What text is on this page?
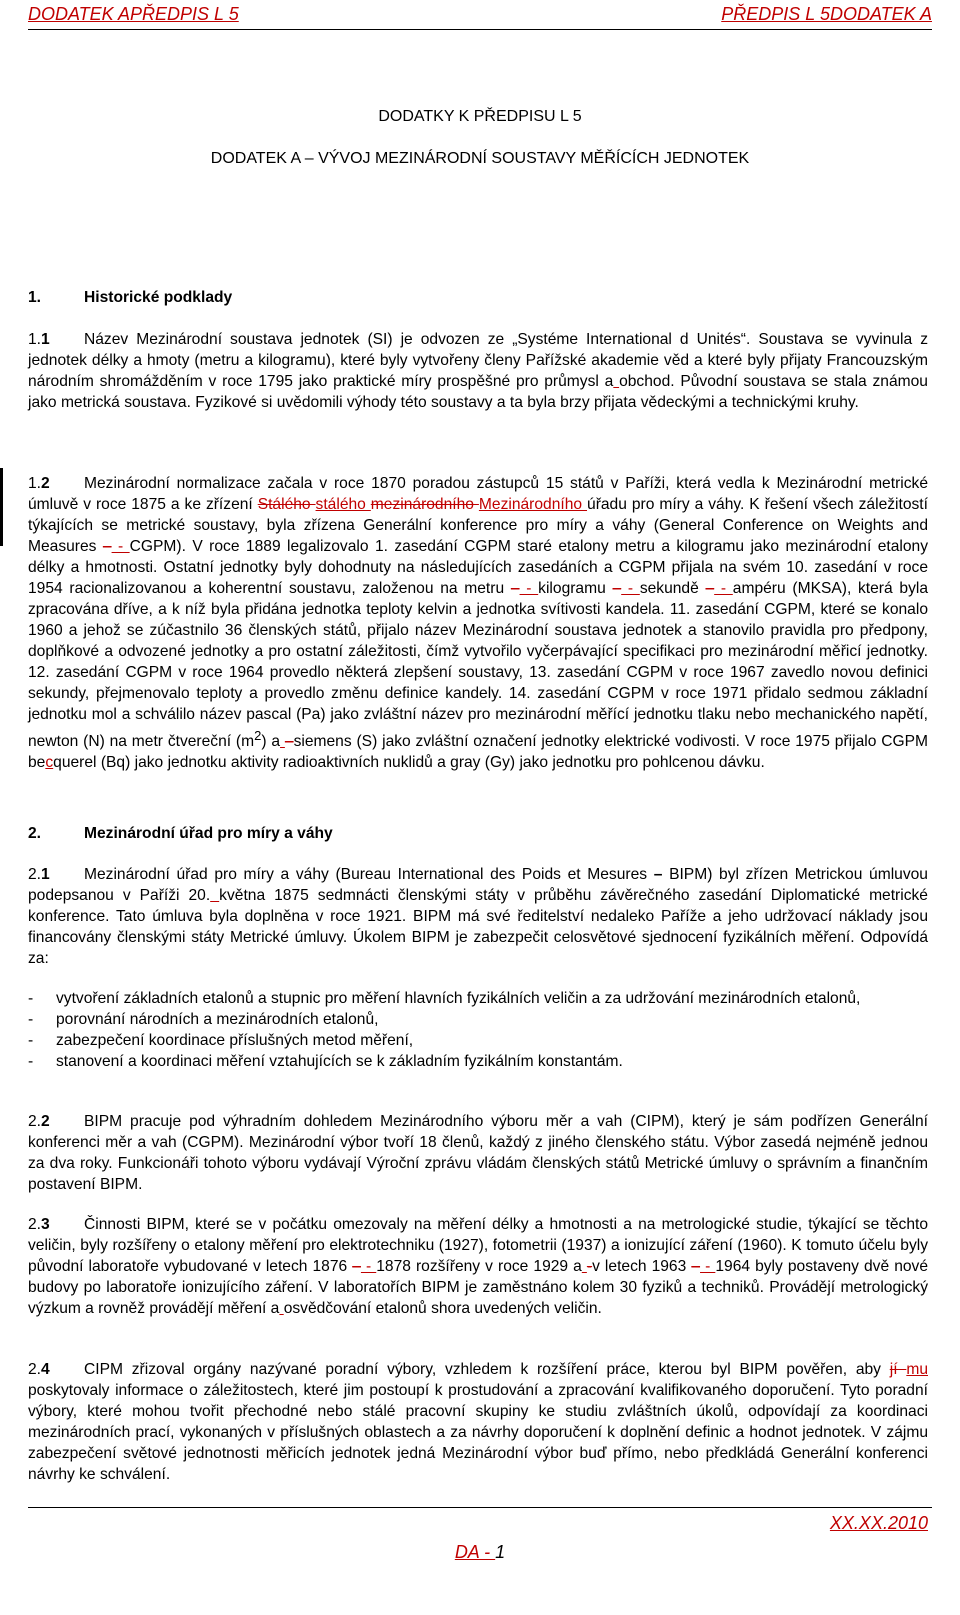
DODATEK APŘEDPIS L 5	PŘEDPIS L 5DODATEK A
DODATKY K PŘEDPISU L 5
DODATEK A – VÝVOJ MEZINÁRODNÍ SOUSTAVY MĚŘÍCÍCH JEDNOTEK

1.	Historické podklady

1.1 Název Mezinárodní soustava jednotek (SI) je odvozen ze „Systéme International d Unités“. Soustava se vyvinula z jednotek délky a hmoty (metru a kilogramu), které byly vytvořeny členy Pařížské akademie věd a které byly přijaty Francouzským národním shromážděním v roce 1795 jako praktické míry prospěšné pro průmysl a obchod. Původní soustava se stala známou jako metrická soustava. Fyzikové si uvědomili výhody této soustavy a ta byla brzy přijata vědeckými a technickými kruhy.

1.2 Mezinárodní normalizace začala v roce 1870 poradou zástupců 15 států v Paříži, která vedla k Mezinárodní metrické úmluvě v roce 1875 a ke zřízení Stálého stálého mezinárodního Mezinárodního úřadu pro míry a váhy. K řešení všech záležitostí týkajících se metrické soustavy, byla zřízena Generální konference pro míry a váhy (General Conference on Weights and Measures – - CGPM). V roce 1889 legalizovalo 1. zasedání CGPM staré etalony metru a kilogramu jako mezinárodní etalony délky a hmotnosti. Ostatní jednotky byly dohodnuty na následujících zasedáních a CGPM přijala na svém 10. zasedání v roce 1954 racionalizovanou a koherentní soustavu, založenou na metru – - kilogramu – - sekundě – - ampéru (MKSA), která byla zpracována dříve, a k níž byla přidána jednotka teploty kelvin a jednotka svítivosti kandela. 11. zasedání CGPM, které se konalo 1960 a jehož se zúčastnilo 36 členských států, přijalo název Mezinárodní soustava jednotek a stanovilo pravidla pro předpony, doplňkové a odvozené jednotky a pro ostatní záležitosti, čímž vytvořilo vyčerpávající specifikaci pro mezinárodní měřicí jednotky. 12. zasedání CGPM v roce 1964 provedlo některá zlepšení soustavy, 13. zasedání CGPM v roce 1967 zavedlo novou definici sekundy, přejmenovalo teploty a provedlo změnu definice kandely. 14. zasedání CGPM v roce 1971 přidalo sedmou základní jednotku mol a schválilo název pascal (Pa) jako zvláštní název pro mezinárodní měřící jednotku tlaku nebo mechanického napětí, newton (N) na metr čtvereční $(m^2)$ a –siemens (S) jako zvláštní označení jednotky elektrické vodivosti. V roce 1975 přijalo CGPM becquerel (Bq) jako jednotku aktivity radioaktivních nuklidů a gray (Gy) jako jednotku pro pohlcenou dávku.

2.	Mezinárodní úřad pro míry a váhy

2.1 Mezinárodní úřad pro míry a váhy (Bureau International des Poids et Mesures – BIPM) byl zřízen Metrickou úmluvou podepsanou v Paříži 20. května 1875 sedmnácti členskými státy v průběhu závěrečného zasedání Diplomatické metrické konference. Tato úmluva byla doplněna v roce 1921. BIPM má své ředitelství nedaleko Paříže a jeho udržovací náklady jsou financovány členskými státy Metrické úmluvy. Úkolem BIPM je zabezpečit celosvětové sjednocení fyzikálních měření. Odpovídá za:

- vytvoření základních etalonů a stupnic pro měření hlavních fyzikálních veličin a za udržování mezinárodních etalonů,
- porovnání národních a mezinárodních etalonů,
- zabezpečení koordinace příslušných metod měření,
- stanovení a koordinaci měření vztahujících se k základním fyzikálním konstantám.

2.2 BIPM pracuje pod výhradním dohledem Mezinárodního výboru měr a vah (CIPM), který je sám podřízen Generální konferenci měr a vah (CGPM). Mezinárodní výbor tvoří 18 členů, každý z jiného členského státu. Výbor zasedá nejméně jednou za dva roky. Funkcionáři tohoto výboru vydávají Výroční zprávu vládám členských států Metrické úmluvy o správním a finančním postavení BIPM.

2.3 Činnosti BIPM, které se v počátku omezovaly na měření délky a hmotnosti a na metrologické studie, týkající se těchto veličin, byly rozšířeny o etalony měření pro elektrotechniku (1927), fotometrii (1937) a ionizující záření (1960). K tomuto účelu byly původní laboratoře vybudované v letech 1876 – - 1878 rozšířeny v roce 1929 a -v letech 1963 – - 1964 byly postaveny dvě nové budovy po laboratoře ionizujícího záření. V laboratořích BIPM je zaměstnáno kolem 30 fyziků a techniků. Provádějí metrologický výzkum a rovněž provádějí měření a osvědčování etalonů shora uvedených veličin.

2.4 CIPM zřizoval orgány nazývané poradní výbory, vzhledem k rozšíření práce, kterou byl BIPM pověřen, aby jí mu poskytovaly informace o záležitostech, které jim postoupí k prostudování a zpracování kvalifikovaného doporučení. Tyto poradní výbory, které mohou tvořit přechodné nebo stálé pracovní skupiny ke studiu zvláštních úkolů, odpovídají za koordinaci mezinárodních prací, vykonaných v příslušných oblastech a za návrhy doporučení k doplnění definic a hodnot jednotek. V zájmu zabezpečení světové jednotnosti měřicích jednotek jedná Mezinárodní výbor buď přímo, nebo předkládá Generální konferenci návrhy ke schválení.

XX.XX.2010
DA - 1
